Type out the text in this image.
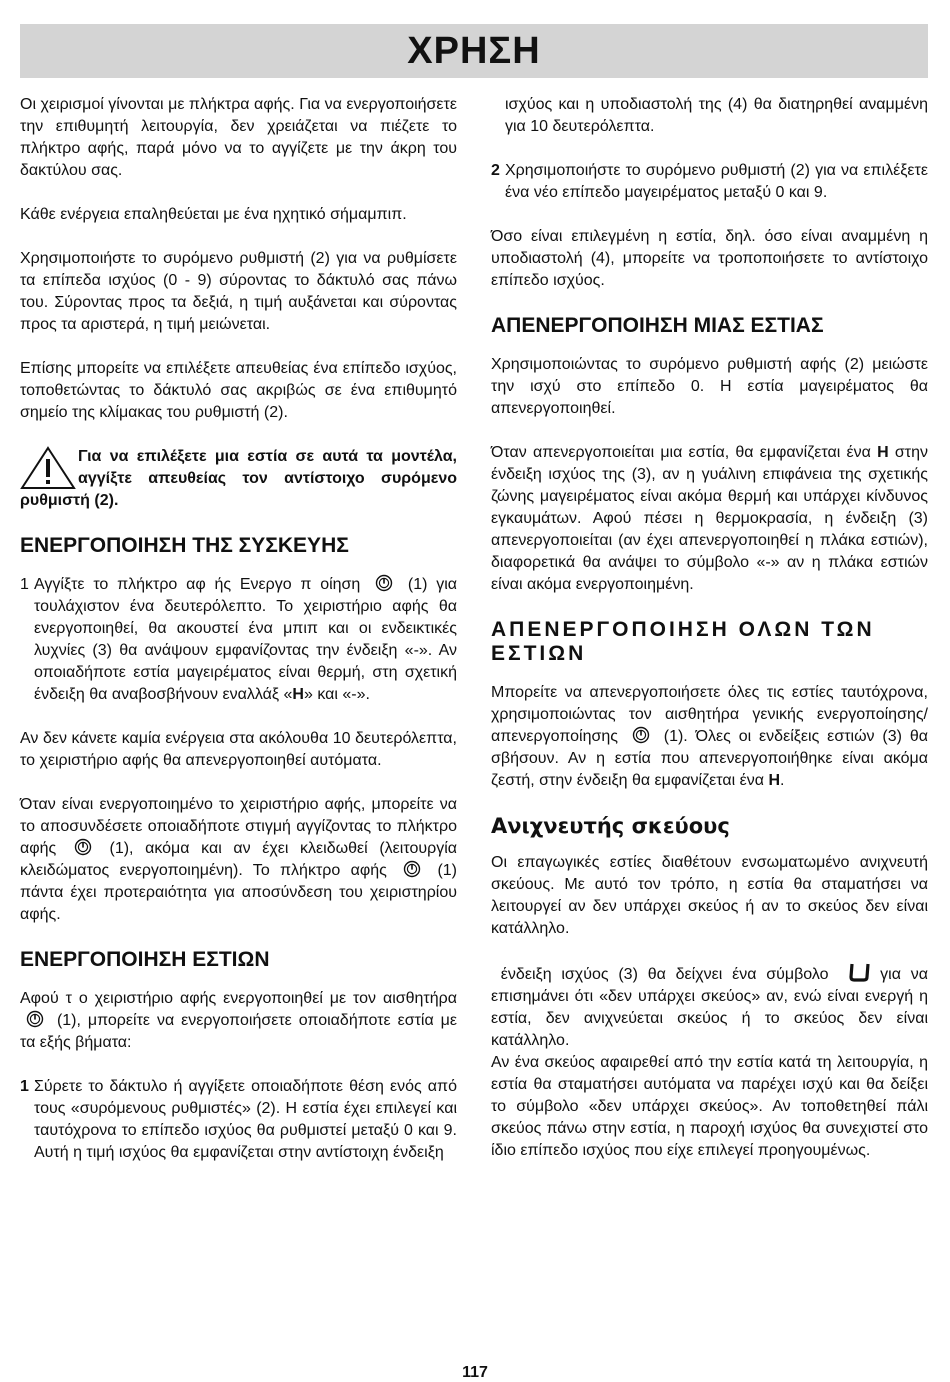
ΧΡΗΣΗ

Οι χειρισμοί γίνονται με πλήκτρα αφής. Για να ενεργοποιήσετε την επιθυμητή λειτουργία, δεν χρειάζεται να πιέζετε το πλήκτρο αφής, παρά μόνο να το αγγίζετε με την άκρη του δακτύλου σας.

Κάθε ενέργεια επαληθεύεται με ένα ηχητικό σήμαμπιπ.

Χρησιμοποιήστε το συρόμενο ρυθμιστή (2) για να ρυθμίσετε τα επίπεδα ισχύος (0 - 9) σύροντας το δάκτυλό σας πάνω του. Σύροντας προς τα δεξιά, η τιμή αυξάνεται και σύροντας προς τα αριστερά, η τιμή μειώνεται.

Επίσης μπορείτε να επιλέξετε απευθείας ένα επίπεδο ισχύος, τοποθετώντας το δάκτυλό σας ακριβώς σε ένα επιθυμητό σημείο της κλίμακας του ρυθμιστή (2).

Για να επιλέξετε μια εστία σε αυτά τα μοντέλα, αγγίξτε απευθείας τον αντίστοιχο συρόμενο ρυθμιστή (2).
ΕΝΕΡΓΟΠΟΙΗΣΗ ΤΗΣ ΣΥΣΚΕΥΗΣ
1 Αγγίξτε το πλήκτρο αφ ής Ενεργο π οίηση	(1) για τουλάχιστον ένα δευτερόλεπτο. Το χειριστήριο αφής θα ενεργοποιηθεί, θα ακουστεί ένα μπιπ και οι ενδεικτικές λυχνίες (3) θα ανάψουν εμφανίζοντας την ένδειξη «-». Αν οποιαδήποτε εστία μαγειρέματος είναι θερμή, στη σχετική ένδειξη θα αναβοσβήνουν εναλλάξ «H» και «-».

Αν δεν κάνετε καμία ενέργεια στα ακόλουθα 10 δευτερόλεπτα, το χειριστήριο αφής θα απενεργοποιηθεί αυτόματα.

Όταν είναι ενεργοποιημένο το χειριστήριο αφής, μπορείτε να το αποσυνδέσετε οποιαδήποτε στιγμή αγγίζοντας το πλήκτρο αφής	(1), ακόμα και αν έχει κλειδωθεί (λειτουργία κλειδώματος ενεργοποιημένη). Το πλήκτρο αφής	(1) πάντα έχει προτεραιότητα για αποσύνδεση του χειριστηρίου αφής.

ΕΝΕΡΓΟΠΟΙΗΣΗ ΕΣΤΙΩΝ

Αφού τ ο χειριστήριο αφής ενεργοποιηθεί με τον αισθητήρα  (1), μπορείτε να ενεργοποιήσετε οποιαδήποτε εστία με τα εξής βήματα:

1 Σύρετε το δάκτυλο ή αγγίξετε οποιαδήποτε θέση ενός από τους «συρόμενους ρυθμιστές» (2). Η εστία έχει επιλεγεί και ταυτόχρονα το επίπεδο ισχύος θα ρυθμιστεί μεταξύ 0 και 9. Αυτή η τιμή ισχύος θα εμφανίζεται στην αντίστοιχη ένδειξη
ισχύος και η υποδιαστολή της (4) θα διατηρηθεί αναμμένη για 10 δευτερόλεπτα.
2 Χρησιμοποιήστε το συρόμενο ρυθμιστή (2) για να επιλέξετε ένα νέο επίπεδο μαγειρέματος μεταξύ 0 και 9.

Όσο είναι επιλεγμένη η εστία, δηλ. όσο είναι αναμμένη η υποδιαστολή (4), μπορείτε να τροποποιήσετε το αντίστοιχο επίπεδο ισχύος.

ΑΠΕΝΕΡΓΟΠΟΙΗΣΗ ΜΙΑΣ ΕΣΤΙΑΣ

Χρησιμοποιώντας το συρόμενο ρυθμιστή αφής (2) μειώστε την ισχύ στο επίπεδο 0. Η εστία μαγειρέματος θα απενεργοποιηθεί.

Όταν απενεργοποιείται μια εστία, θα εμφανίζεται ένα H στην ένδειξη ισχύος της (3), αν η γυάλινη επιφάνεια της σχετικής ζώνης μαγειρέματος είναι ακόμα θερμή και υπάρχει κίνδυνος εγκαυμάτων. Αφού πέσει η θερμοκρασία, η ένδειξη (3) απενεργοποιείται (αν έχει απενεργοποιηθεί η πλάκα εστιών), διαφορετικά θα ανάψει το σύμβολο «-» αν η πλάκα εστιών είναι ακόμα ενεργοποιημένη.

ΑΠΕΝΕΡΓΟΠΟΙΗΣΗ ΟΛΩΝ ΤΩΝ ΕΣΤΙΩΝ

Μπορείτε να απενεργοποιήσετε όλες τις εστίες ταυτόχρονα, χρησιμοποιώντας τον αισθητήρα γενικής ενεργοποίησης/απενεργοποίησης	(1). Όλες οι ενδείξεις εστιών (3) θα σβήσουν. Αν η εστία που απενεργοποιήθηκε είναι ακόμα ζεστή, στην ένδειξη θα εμφανίζεται ένα H.

Ανιχνευτής σκεύους

Οι επαγωγικές εστίες διαθέτουν ενσωματωμένο ανιχνευτή σκεύους. Με αυτό τον τρόπο, η εστία θα σταματήσει να λειτουργεί αν δεν υπάρχει σκεύος ή αν το σκεύος δεν είναι κατάλληλο.

ένδειξη ισχύος (3) θα δείχνει ένα σύμβολο	για να επισημάνει ότι «δεν υπάρχει σκεύος» αν, ενώ είναι ενεργή η εστία, δεν ανιχνεύεται σκεύος ή το σκεύος δεν είναι κατάλληλο.

Αν ένα σκεύος αφαιρεθεί από την εστία κατά τη λειτουργία, η εστία θα σταματήσει αυτόματα να παρέχει ισχύ και θα δείξει το σύμβολο «δεν υπάρχει σκεύος». Αν τοποθετηθεί πάλι σκεύος πάνω στην εστία, η παροχή ισχύος θα συνεχιστεί στο ίδιο επίπεδο ισχύος που είχε επιλεγεί προηγουμένως.

117
